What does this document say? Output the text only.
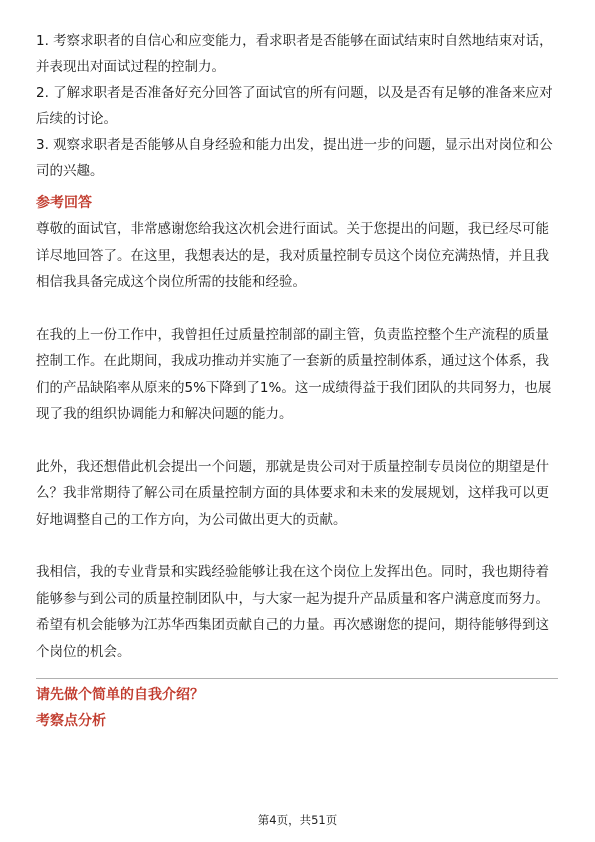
1. 考察求职者的自信心和应变能力，看求职者是否能够在面试结束时自然地结束对话，并表现出对面试过程的控制力。

2. 了解求职者是否准备好充分回答了面试官的所有问题，以及是否有足够的准备来应对后续的讨论。

3. 观察求职者是否能够从自身经验和能力出发，提出进一步的问题，显示出对岗位和公司的兴趣。

参考回答

尊敬的面试官，非常感谢您给我这次机会进行面试。关于您提出的问题，我已经尽可能详尽地回答了。在这里，我想表达的是，我对质量控制专员这个岗位充满热情，并且我相信我具备完成这个岗位所需的技能和经验。

在我的上一份工作中，我曾担任过质量控制部的副主管，负责监控整个生产流程的质量控制工作。在此期间，我成功推动并实施了一套新的质量控制体系，通过这个体系，我们的产品缺陷率从原来的5%下降到了1%。这一成绩得益于我们团队的共同努力，也展现了我的组织协调能力和解决问题的能力。

此外，我还想借此机会提出一个问题，那就是贵公司对于质量控制专员岗位的期望是什么？我非常期待了解公司在质量控制方面的具体要求和未来的发展规划，这样我可以更好地调整自己的工作方向，为公司做出更大的贡献。

我相信，我的专业背景和实践经验能够让我在这个岗位上发挥出色。同时，我也期待着能够参与到公司的质量控制团队中，与大家一起为提升产品质量和客户满意度而努力。希望有机会能够为江苏华西集团贡献自己的力量。再次感谢您的提问，期待能够得到这个岗位的机会。

请先做个简单的自我介绍？

考察点分析

第4页，共51页
